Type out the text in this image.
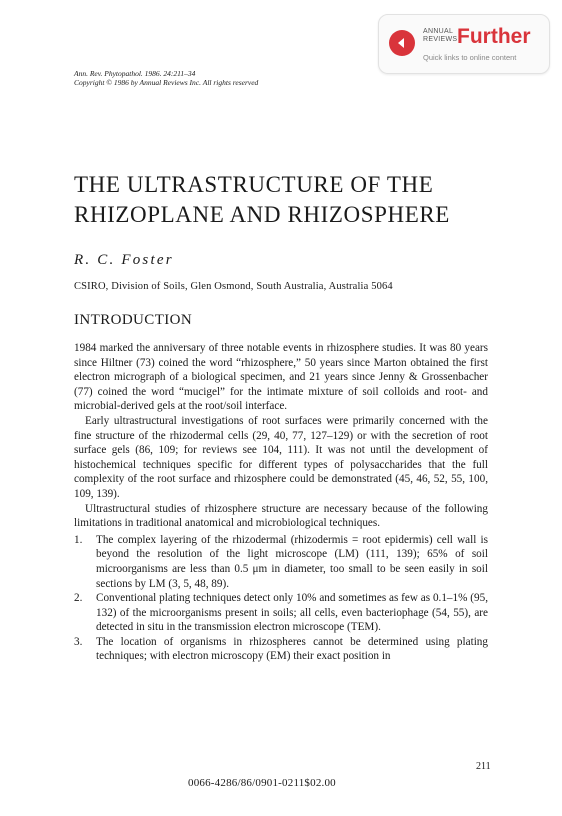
ANNUAL
REVIEWS Further
Quick links to online content
Ann. Rev. Phytopathol. 1986. 24:211–34
Copyright © 1986 by Annual Reviews Inc. All rights reserved
THE ULTRASTRUCTURE OF THE
RHIZOPLANE AND RHIZOSPHERE
R. C. Foster
CSIRO, Division of Soils, Glen Osmond, South Australia, Australia 5064
INTRODUCTION

1984 marked the anniversary of three notable events in rhizosphere studies. It was 80 years since Hiltner (73) coined the word “rhizosphere,” 50 years since Marton obtained the first electron micrograph of a biological specimen, and 21 years since Jenny & Grossenbacher (77) coined the word “mucigel” for the intimate mixture of soil colloids and root- and microbial-derived gels at the root/soil interface.

Early ultrastructural investigations of root surfaces were primarily concerned with the fine structure of the rhizodermal cells (29, 40, 77, 127–129) or with the secretion of root surface gels (86, 109; for reviews see 104, 111). It was not until the development of histochemical techniques specific for different types of polysaccharides that the full complexity of the root surface and rhizosphere could be demonstrated (45, 46, 52, 55, 100, 109, 139).

Ultrastructural studies of rhizosphere structure are necessary because of the following limitations in traditional anatomical and microbiological techniques.

1. The complex layering of the rhizodermal (rhizodermis = root epidermis) cell wall is beyond the resolution of the light microscope (LM) (111, 139); 65% of soil microorganisms are less than 0.5 μm in diameter, too small to be seen easily in soil sections by LM (3, 5, 48, 89).
2. Conventional plating techniques detect only 10% and sometimes as few as 0.1–1% (95, 132) of the microorganisms present in soils; all cells, even bacteriophage (54, 55), are detected in situ in the transmission electron microscope (TEM).
3. The location of organisms in rhizospheres cannot be determined using plating techniques; with electron microscopy (EM) their exact position in
211
0066-4286/86/0901-0211$02.00
